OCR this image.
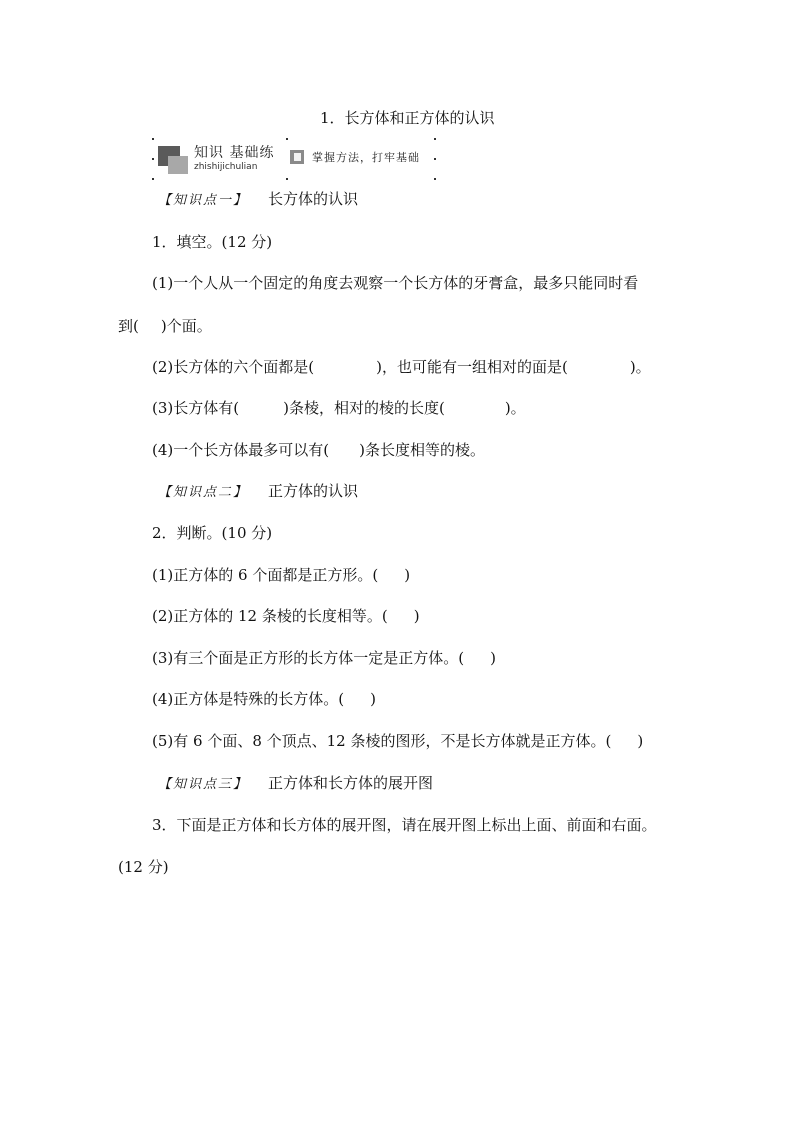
1．长方体和正方体的认识
知识 基础练
zhishijichulian
掌握方法，打牢基础
【知识点一】 长方体的认识
1．填空。(12 分)
(1)一个人从一个固定的角度去观察一个长方体的牙膏盒，最多只能同时看
到( )个面。
(2)长方体的六个面都是(	)，也可能有一组相对的面是(	)。
(3)长方体有(	)条棱，相对的棱的长度(	)。
(4)一个长方体最多可以有( )条长度相等的棱。
【知识点二】 正方体的认识
2．判断。(10 分)
(1)正方体的 6 个面都是正方形。( )
(2)正方体的 12 条棱的长度相等。( )
(3)有三个面是正方形的长方体一定是正方体。( )
(4)正方体是特殊的长方体。( )
(5)有 6 个面、8 个顶点、12 条棱的图形，不是长方体就是正方体。( )
【知识点三】 正方体和长方体的展开图
3．下面是正方体和长方体的展开图，请在展开图上标出上面、前面和右面。
(12 分)
